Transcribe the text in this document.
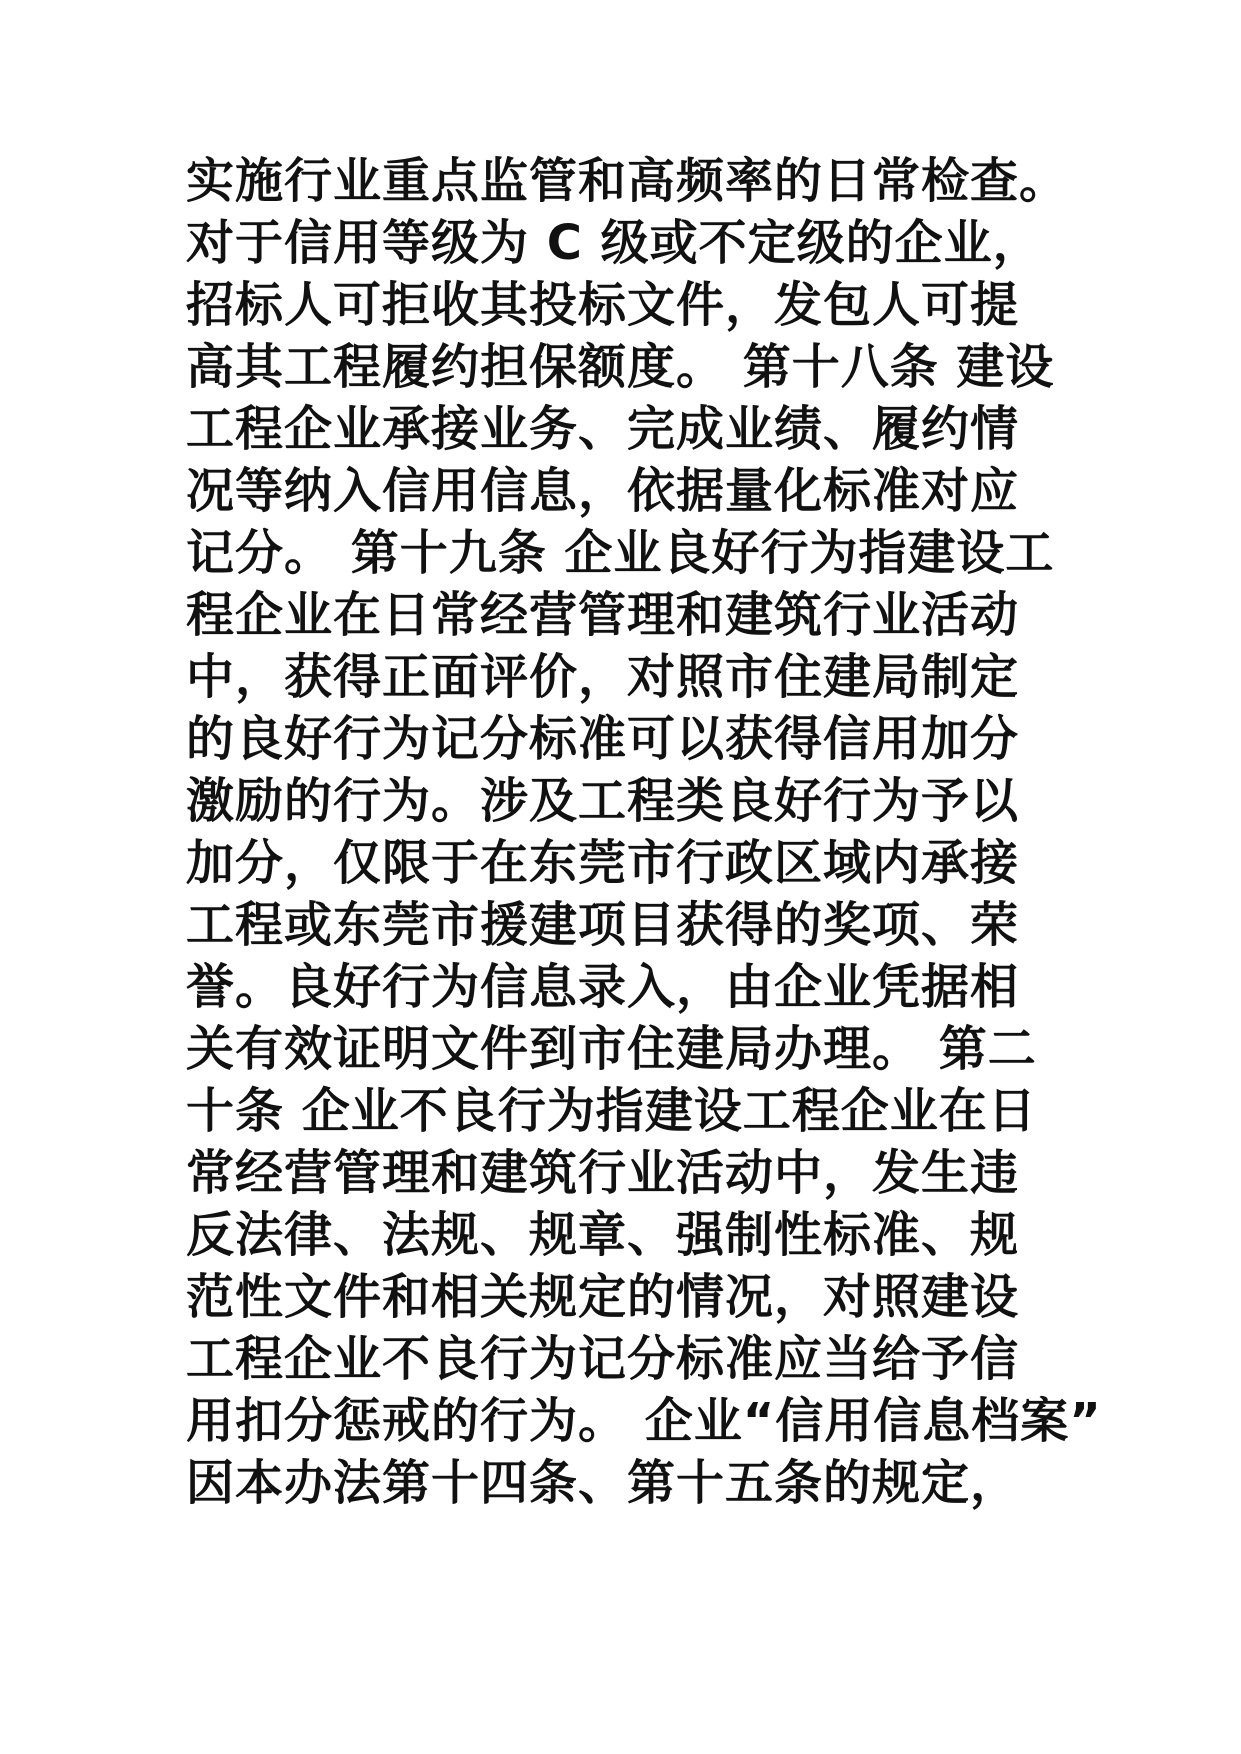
实施行业重点监管和高频率的日常检查。
对于信用等级为 C 级或不定级的企业，
招标人可拒收其投标文件，发包人可提
高其工程履约担保额度。 第十八条 建设
工程企业承接业务、完成业绩、履约情
况等纳入信用信息，依据量化标准对应
记分。 第十九条 企业良好行为指建设工
程企业在日常经营管理和建筑行业活动
中，获得正面评价，对照市住建局制定
的良好行为记分标准可以获得信用加分
激励的行为。涉及工程类良好行为予以
加分，仅限于在东莞市行政区域内承接
工程或东莞市援建项目获得的奖项、荣
誉。良好行为信息录入，由企业凭据相
关有效证明文件到市住建局办理。 第二
十条 企业不良行为指建设工程企业在日
常经营管理和建筑行业活动中，发生违
反法律、法规、规章、强制性标准、规
范性文件和相关规定的情况，对照建设
工程企业不良行为记分标准应当给予信
用扣分惩戒的行为。 企业“信用信息档案”
因本办法第十四条、第十五条的规定，
